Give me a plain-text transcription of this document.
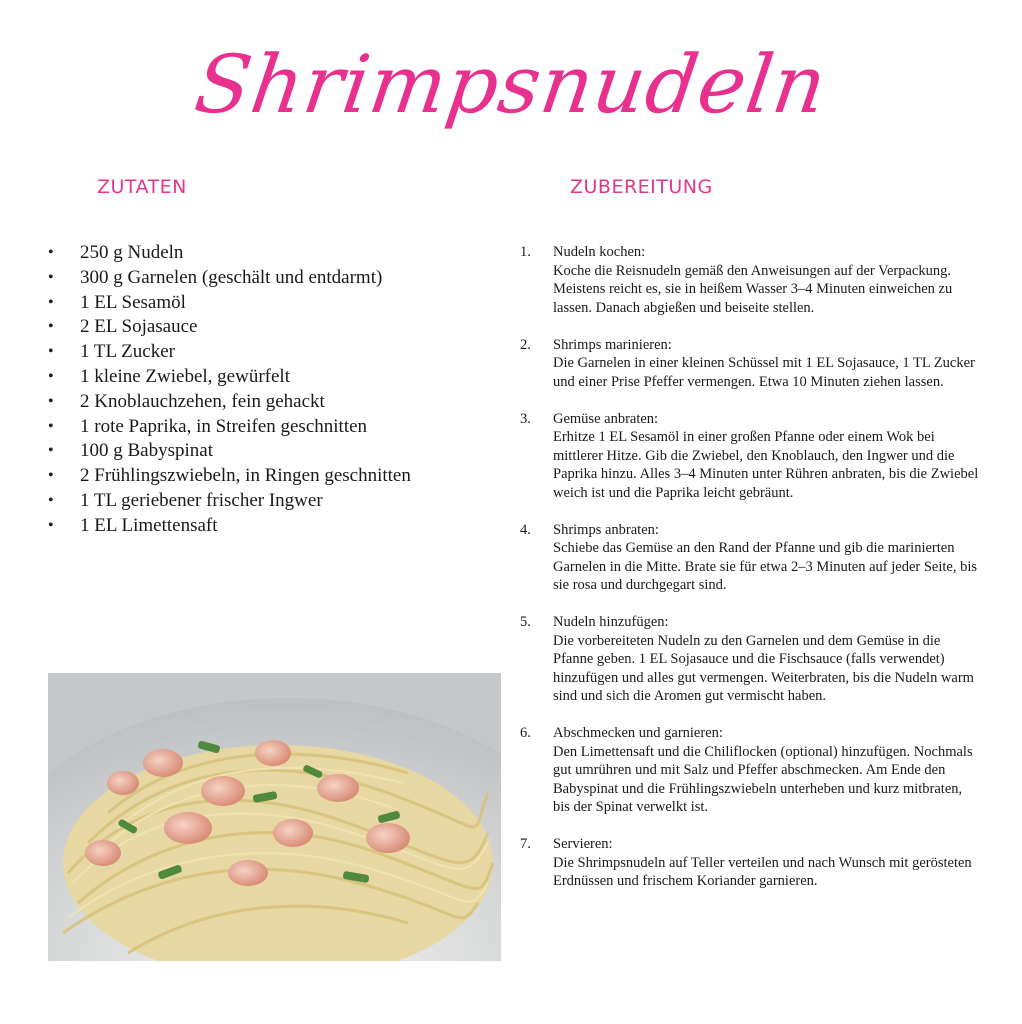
Shrimpsnudeln
ZUTATEN	ZUBEREITUNG
• 250 g Nudeln
• 300 g Garnelen (geschält und entdarmt)
• 1 EL Sesamöl
• 2 EL Sojasauce
• 1 TL Zucker
• 1 kleine Zwiebel, gewürfelt
• 2 Knoblauchzehen, fein gehackt
• 1 rote Paprika, in Streifen geschnitten
• 100 g Babyspinat
• 2 Frühlingszwiebeln, in Ringen geschnitten
• 1 TL geriebener frischer Ingwer
• 1 EL Limettensaft
1. Nudeln kochen:
Koche die Reisnudeln gemäß den Anweisungen auf der Verpackung. Meistens reicht es, sie in heißem Wasser 3–4 Minuten einweichen zu lassen. Danach abgießen und beiseite stellen.
2. Shrimps marinieren:
Die Garnelen in einer kleinen Schüssel mit 1 EL Sojasauce, 1 TL Zucker und einer Prise Pfeffer vermengen. Etwa 10 Minuten ziehen lassen.
3. Gemüse anbraten:
Erhitze 1 EL Sesamöl in einer großen Pfanne oder einem Wok bei mittlerer Hitze. Gib die Zwiebel, den Knoblauch, den Ingwer und die Paprika hinzu. Alles 3–4 Minuten unter Rühren anbraten, bis die Zwiebel weich ist und die Paprika leicht gebräunt.
4. Shrimps anbraten:
Schiebe das Gemüse an den Rand der Pfanne und gib die marinierten Garnelen in die Mitte. Brate sie für etwa 2–3 Minuten auf jeder Seite, bis sie rosa und durchgegart sind.
5. Nudeln hinzufügen:
Die vorbereiteten Nudeln zu den Garnelen und dem Gemüse in die Pfanne geben. 1 EL Sojasauce und die Fischsauce (falls verwendet) hinzufügen und alles gut vermengen. Weiterbraten, bis die Nudeln warm sind und sich die Aromen gut vermischt haben.
6. Abschmecken und garnieren:
Den Limettensaft und die Chiliflocken (optional) hinzufügen. Nochmals gut umrühren und mit Salz und Pfeffer abschmecken. Am Ende den Babyspinat und die Frühlingszwiebeln unterheben und kurz mitbraten, bis der Spinat verwelkt ist.
7. Servieren:
Die Shrimpsnudeln auf Teller verteilen und nach Wunsch mit gerösteten Erdnüssen und frischem Koriander garnieren.
